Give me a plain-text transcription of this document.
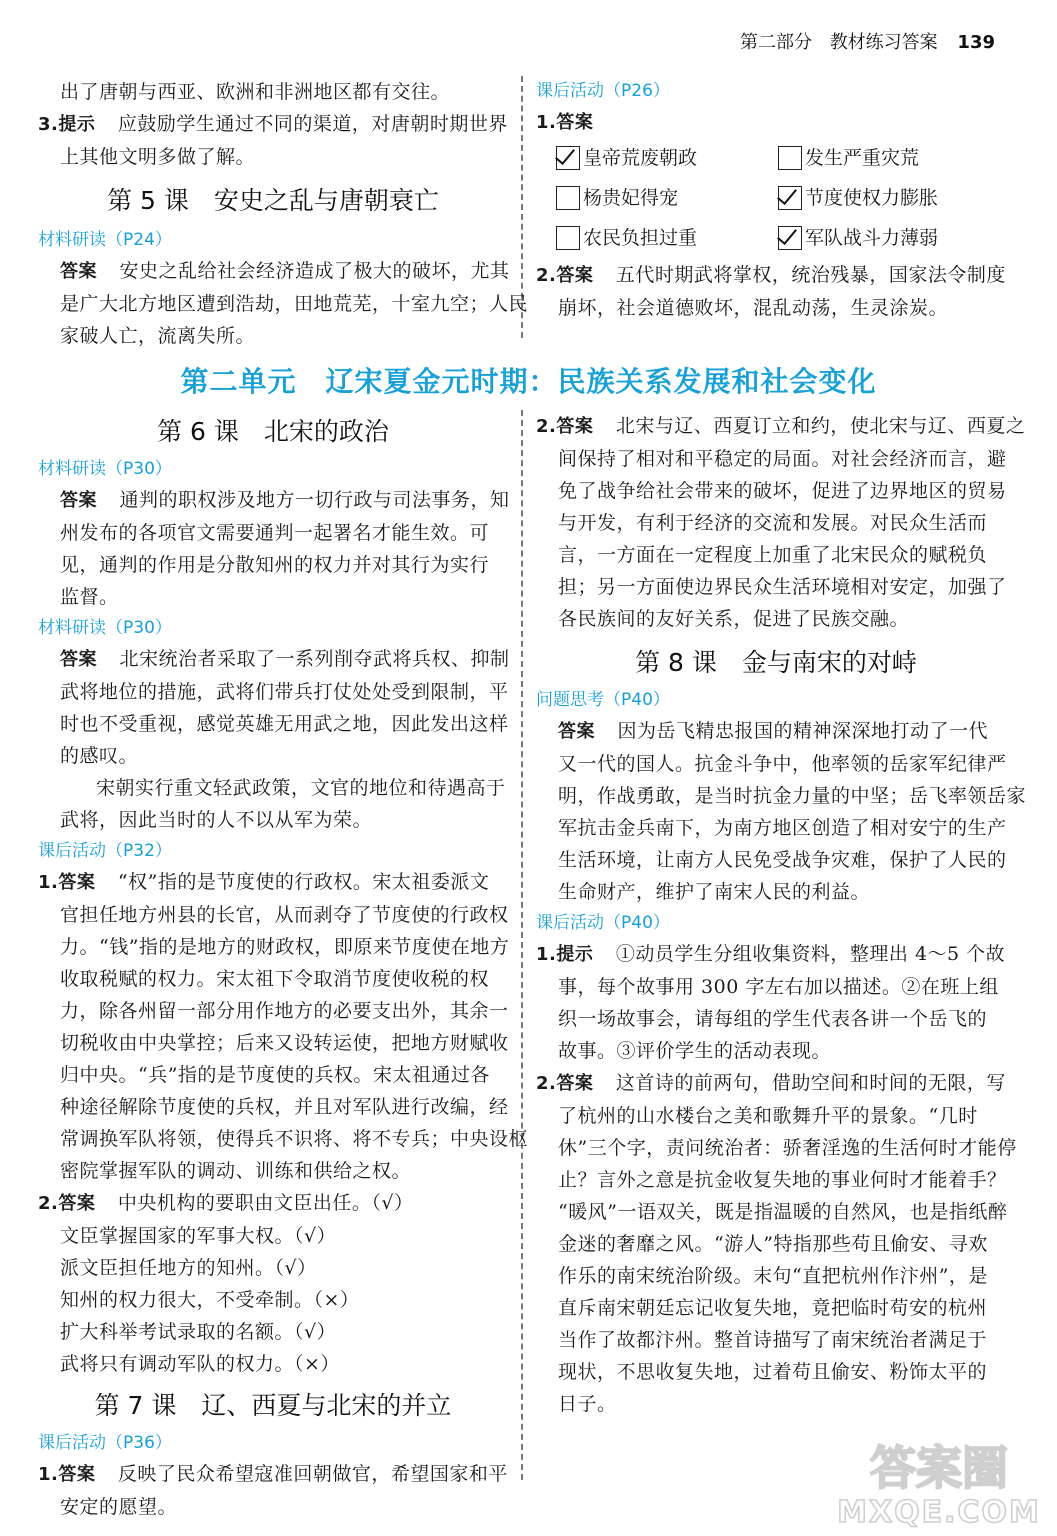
第二部分 教材练习答案 139
出了唐朝与西亚、欧洲和非洲地区都有交往。
3.提示 应鼓励学生通过不同的渠道，对唐朝时期世界
上其他文明多做了解。
第 5 课　安史之乱与唐朝衰亡
材料研读（P24）
答案 安史之乱给社会经济造成了极大的破坏，尤其
是广大北方地区遭到浩劫，田地荒芜，十室九空；人民
家破人亡，流离失所。
课后活动（P26）
1.答案
皇帝荒废朝政	发生严重灾荒
杨贵妃得宠	节度使权力膨胀
农民负担过重	军队战斗力薄弱
2.答案 五代时期武将掌权，统治残暴，国家法令制度
崩坏，社会道德败坏，混乱动荡，生灵涂炭。
第二单元　辽宋夏金元时期：民族关系发展和社会变化
第 6 课　北宋的政治
材料研读（P30）
答案 通判的职权涉及地方一切行政与司法事务，知
州发布的各项官文需要通判一起署名才能生效。可
见，通判的作用是分散知州的权力并对其行为实行
监督。
材料研读（P30）
答案 北宋统治者采取了一系列削夺武将兵权、抑制
武将地位的措施，武将们带兵打仗处处受到限制，平
时也不受重视，感觉英雄无用武之地，因此发出这样
的感叹。
宋朝实行重文轻武政策，文官的地位和待遇高于
武将，因此当时的人不以从军为荣。
课后活动（P32）
1.答案 “权”指的是节度使的行政权。宋太祖委派文
官担任地方州县的长官，从而剥夺了节度使的行政权
力。“钱”指的是地方的财政权，即原来节度使在地方
收取税赋的权力。宋太祖下令取消节度使收税的权
力，除各州留一部分用作地方的必要支出外，其余一
切税收由中央掌控；后来又设转运使，把地方财赋收
归中央。“兵”指的是节度使的兵权。宋太祖通过各
种途径解除节度使的兵权，并且对军队进行改编，经
常调换军队将领，使得兵不识将、将不专兵；中央设枢
密院掌握军队的调动、训练和供给之权。
2.答案 中央机构的要职由文臣出任。（√）
文臣掌握国家的军事大权。（√）
派文臣担任地方的知州。（√）
知州的权力很大，不受牵制。（×）
扩大科举考试录取的名额。（√）
武将只有调动军队的权力。（×）
第 7 课　辽、西夏与北宋的并立
课后活动（P36）
1.答案 反映了民众希望寇准回朝做官，希望国家和平
安定的愿望。
2.答案 北宋与辽、西夏订立和约，使北宋与辽、西夏之
间保持了相对和平稳定的局面。对社会经济而言，避
免了战争给社会带来的破坏，促进了边界地区的贸易
与开发，有利于经济的交流和发展。对民众生活而
言，一方面在一定程度上加重了北宋民众的赋税负
担；另一方面使边界民众生活环境相对安定，加强了
各民族间的友好关系，促进了民族交融。
第 8 课　金与南宋的对峙
问题思考（P40）
答案 因为岳飞精忠报国的精神深深地打动了一代
又一代的国人。抗金斗争中，他率领的岳家军纪律严
明，作战勇敢，是当时抗金力量的中坚；岳飞率领岳家
军抗击金兵南下，为南方地区创造了相对安宁的生产
生活环境，让南方人民免受战争灾难，保护了人民的
生命财产，维护了南宋人民的利益。
课后活动（P40）
1.提示 ①动员学生分组收集资料，整理出 4～5 个故
事，每个故事用 300 字左右加以描述。②在班上组
织一场故事会，请每组的学生代表各讲一个岳飞的
故事。③评价学生的活动表现。
2.答案 这首诗的前两句，借助空间和时间的无限，写
了杭州的山水楼台之美和歌舞升平的景象。“几时
休”三个字，责问统治者：骄奢淫逸的生活何时才能停
止？言外之意是抗金收复失地的事业何时才能着手？
“暖风”一语双关，既是指温暖的自然风，也是指纸醉
金迷的奢靡之风。“游人”特指那些苟且偷安、寻欢
作乐的南宋统治阶级。末句“直把杭州作汴州”，是
直斥南宋朝廷忘记收复失地，竟把临时苟安的杭州
当作了故都汴州。整首诗描写了南宋统治者满足于
现状，不思收复失地，过着苟且偷安、粉饰太平的
日子。
答案圈
MXQE.COM
